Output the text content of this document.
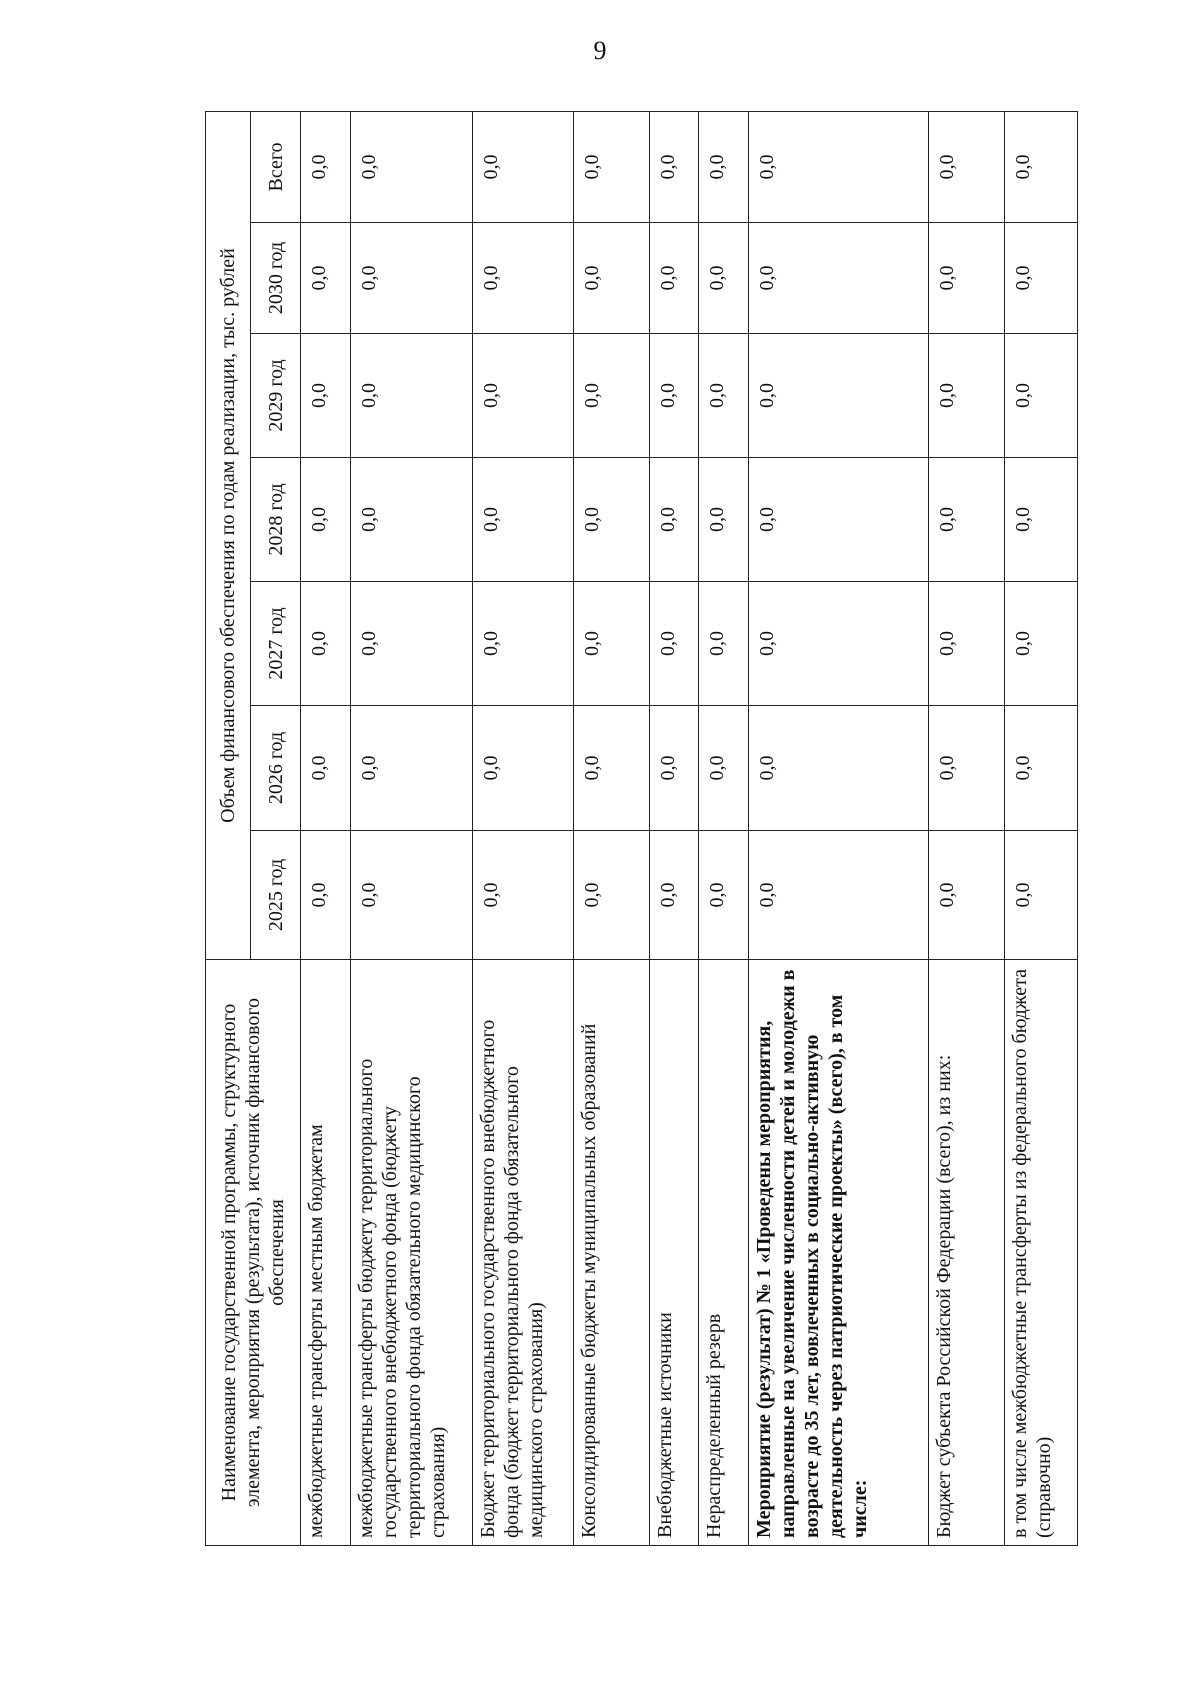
9
Наименование государственной программы, структурного элемента, мероприятия (результата), источник финансового обеспечения	Объем финансового обеспечения по годам реализации, тыс. рублей						
	2025 год	2026 год	2027 год	2028 год	2029 год	2030 год	Всего
межбюджетные трансферты местным бюджетам	0,0	0,0	0,0	0,0	0,0	0,0	0,0
межбюджетные трансферты бюджету территориального государственного внебюджетного фонда (бюджету территориального фонда обязательного медицинского страхования)	0,0	0,0	0,0	0,0	0,0	0,0	0,0
Бюджет территориального государственного внебюджетного фонда (бюджет территориального фонда обязательного медицинского страхования)	0,0	0,0	0,0	0,0	0,0	0,0	0,0
Консолидированные бюджеты муниципальных образований	0,0	0,0	0,0	0,0	0,0	0,0	0,0
Внебюджетные источники	0,0	0,0	0,0	0,0	0,0	0,0	0,0
Нераспределенный резерв	0,0	0,0	0,0	0,0	0,0	0,0	0,0
Мероприятие (результат) № 1 «Проведены мероприятия, направленные на увеличение численности детей и молодежи в возрасте до 35 лет, вовлеченных в социально-активную деятельность через патриотические проекты» (всего), в том числе:	0,0	0,0	0,0	0,0	0,0	0,0	0,0
Бюджет субъекта Российской Федерации (всего), из них:	0,0	0,0	0,0	0,0	0,0	0,0	0,0
в том числе межбюджетные трансферты из федерального бюджета (справочно)	0,0	0,0	0,0	0,0	0,0	0,0	0,0
